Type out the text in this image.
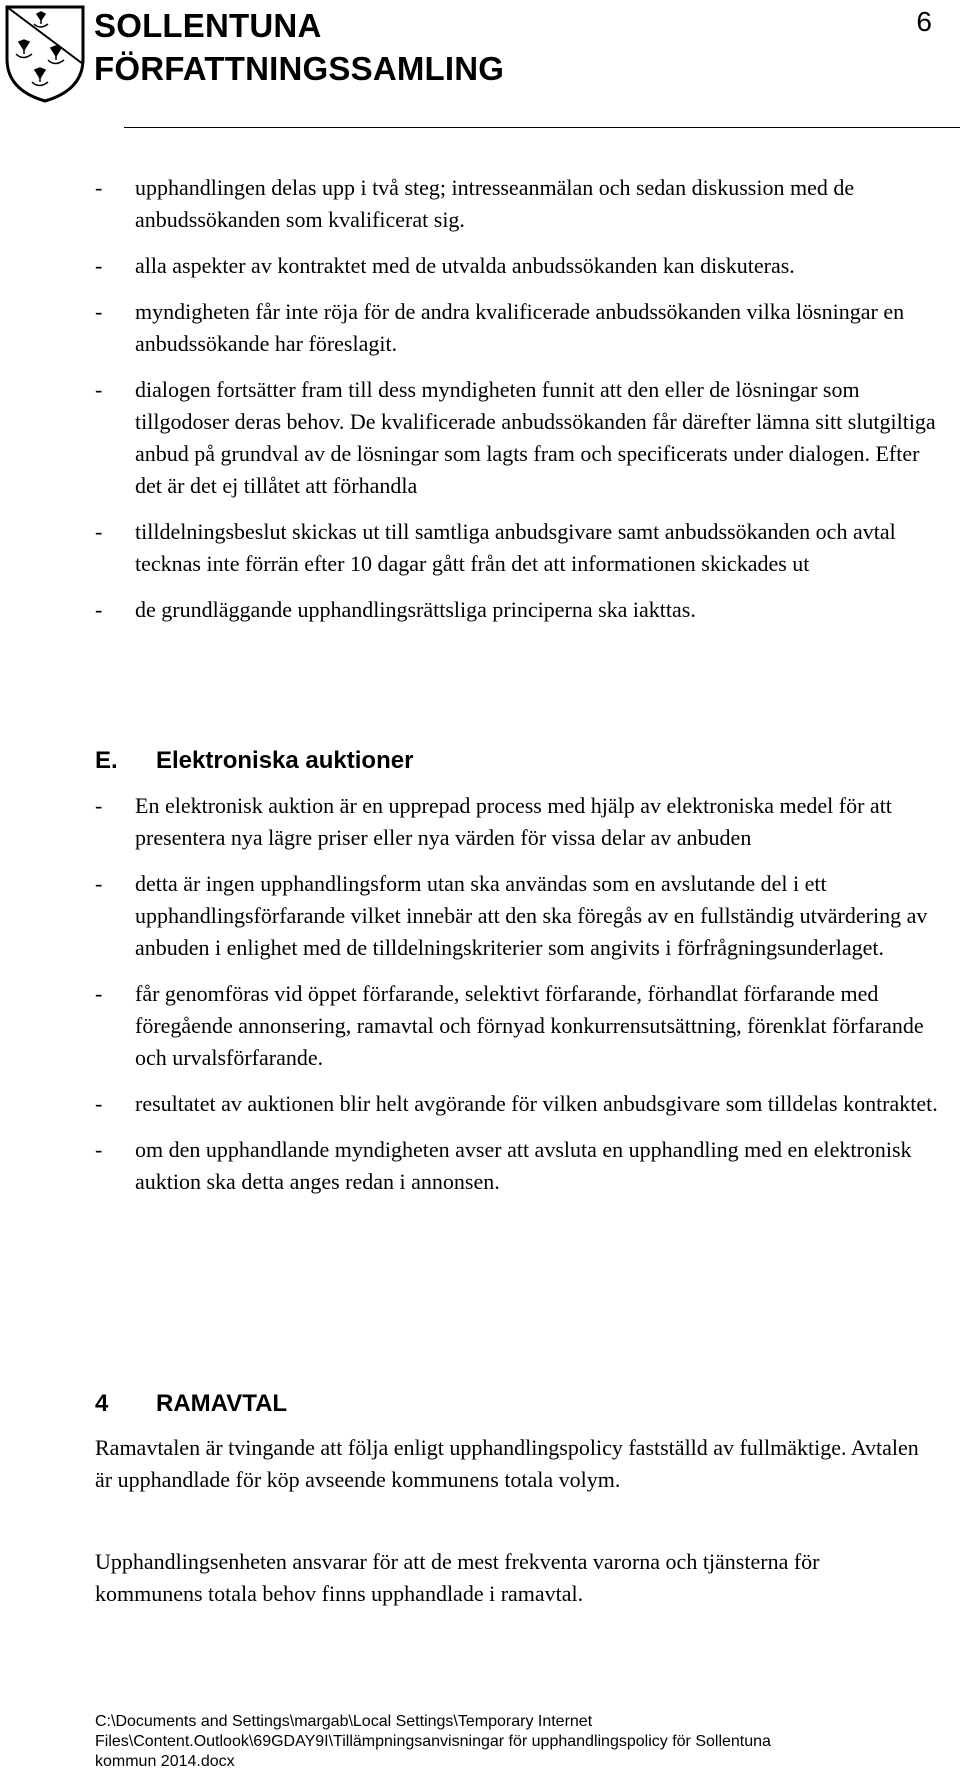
SOLLENTUNA
FÖRFATTNINGSSAMLING
6
- upphandlingen delas upp i två steg; intresseanmälan och sedan diskussion med de anbudssökanden som kvalificerat sig.
- alla aspekter av kontraktet med de utvalda anbudssökanden kan diskuteras.
- myndigheten får inte röja för de andra kvalificerade anbudssökanden vilka lösningar en anbudssökande har föreslagit.
- dialogen fortsätter fram till dess myndigheten funnit att den eller de lösningar som tillgodoser deras behov. De kvalificerade anbudssökanden får därefter lämna sitt slutgiltiga anbud på grundval av de lösningar som lagts fram och specificerats under dialogen. Efter det är det ej tillåtet att förhandla
- tilldelningsbeslut skickas ut till samtliga anbudsgivare samt anbudssökanden och avtal tecknas inte förrän efter 10 dagar gått från det att informationen skickades ut
- de grundläggande upphandlingsrättsliga principerna ska iakttas.
E. Elektroniska auktioner
- En elektronisk auktion är en upprepad process med hjälp av elektroniska medel för att presentera nya lägre priser eller nya värden för vissa delar av anbuden
- detta är ingen upphandlingsform utan ska användas som en avslutande del i ett upphandlingsförfarande vilket innebär att den ska föregås av en fullständig utvärdering av anbuden i enlighet med de tilldelningskriterier som angivits i förfrågningsunderlaget.
- får genomföras vid öppet förfarande, selektivt förfarande, förhandlat förfarande med föregående annonsering, ramavtal och förnyad konkurrensutsättning, förenklat förfarande och urvalsförfarande.
- resultatet av auktionen blir helt avgörande för vilken anbudsgivare som tilldelas kontraktet.
- om den upphandlande myndigheten avser att avsluta en upphandling med en elektronisk auktion ska detta anges redan i annonsen.
4 RAMAVTAL
Ramavtalen är tvingande att följa enligt upphandlingspolicy fastställd av fullmäktige. Avtalen är upphandlade för köp avseende kommunens totala volym.
Upphandlingsenheten ansvarar för att de mest frekventa varorna och tjänsterna för kommunens totala behov finns upphandlade i ramavtal.
C:\Documents and Settings\margab\Local Settings\Temporary Internet
Files\Content.Outlook\69GDAY9I\Tillämpningsanvisningar för upphandlingspolicy för Sollentuna
kommun 2014.docx
